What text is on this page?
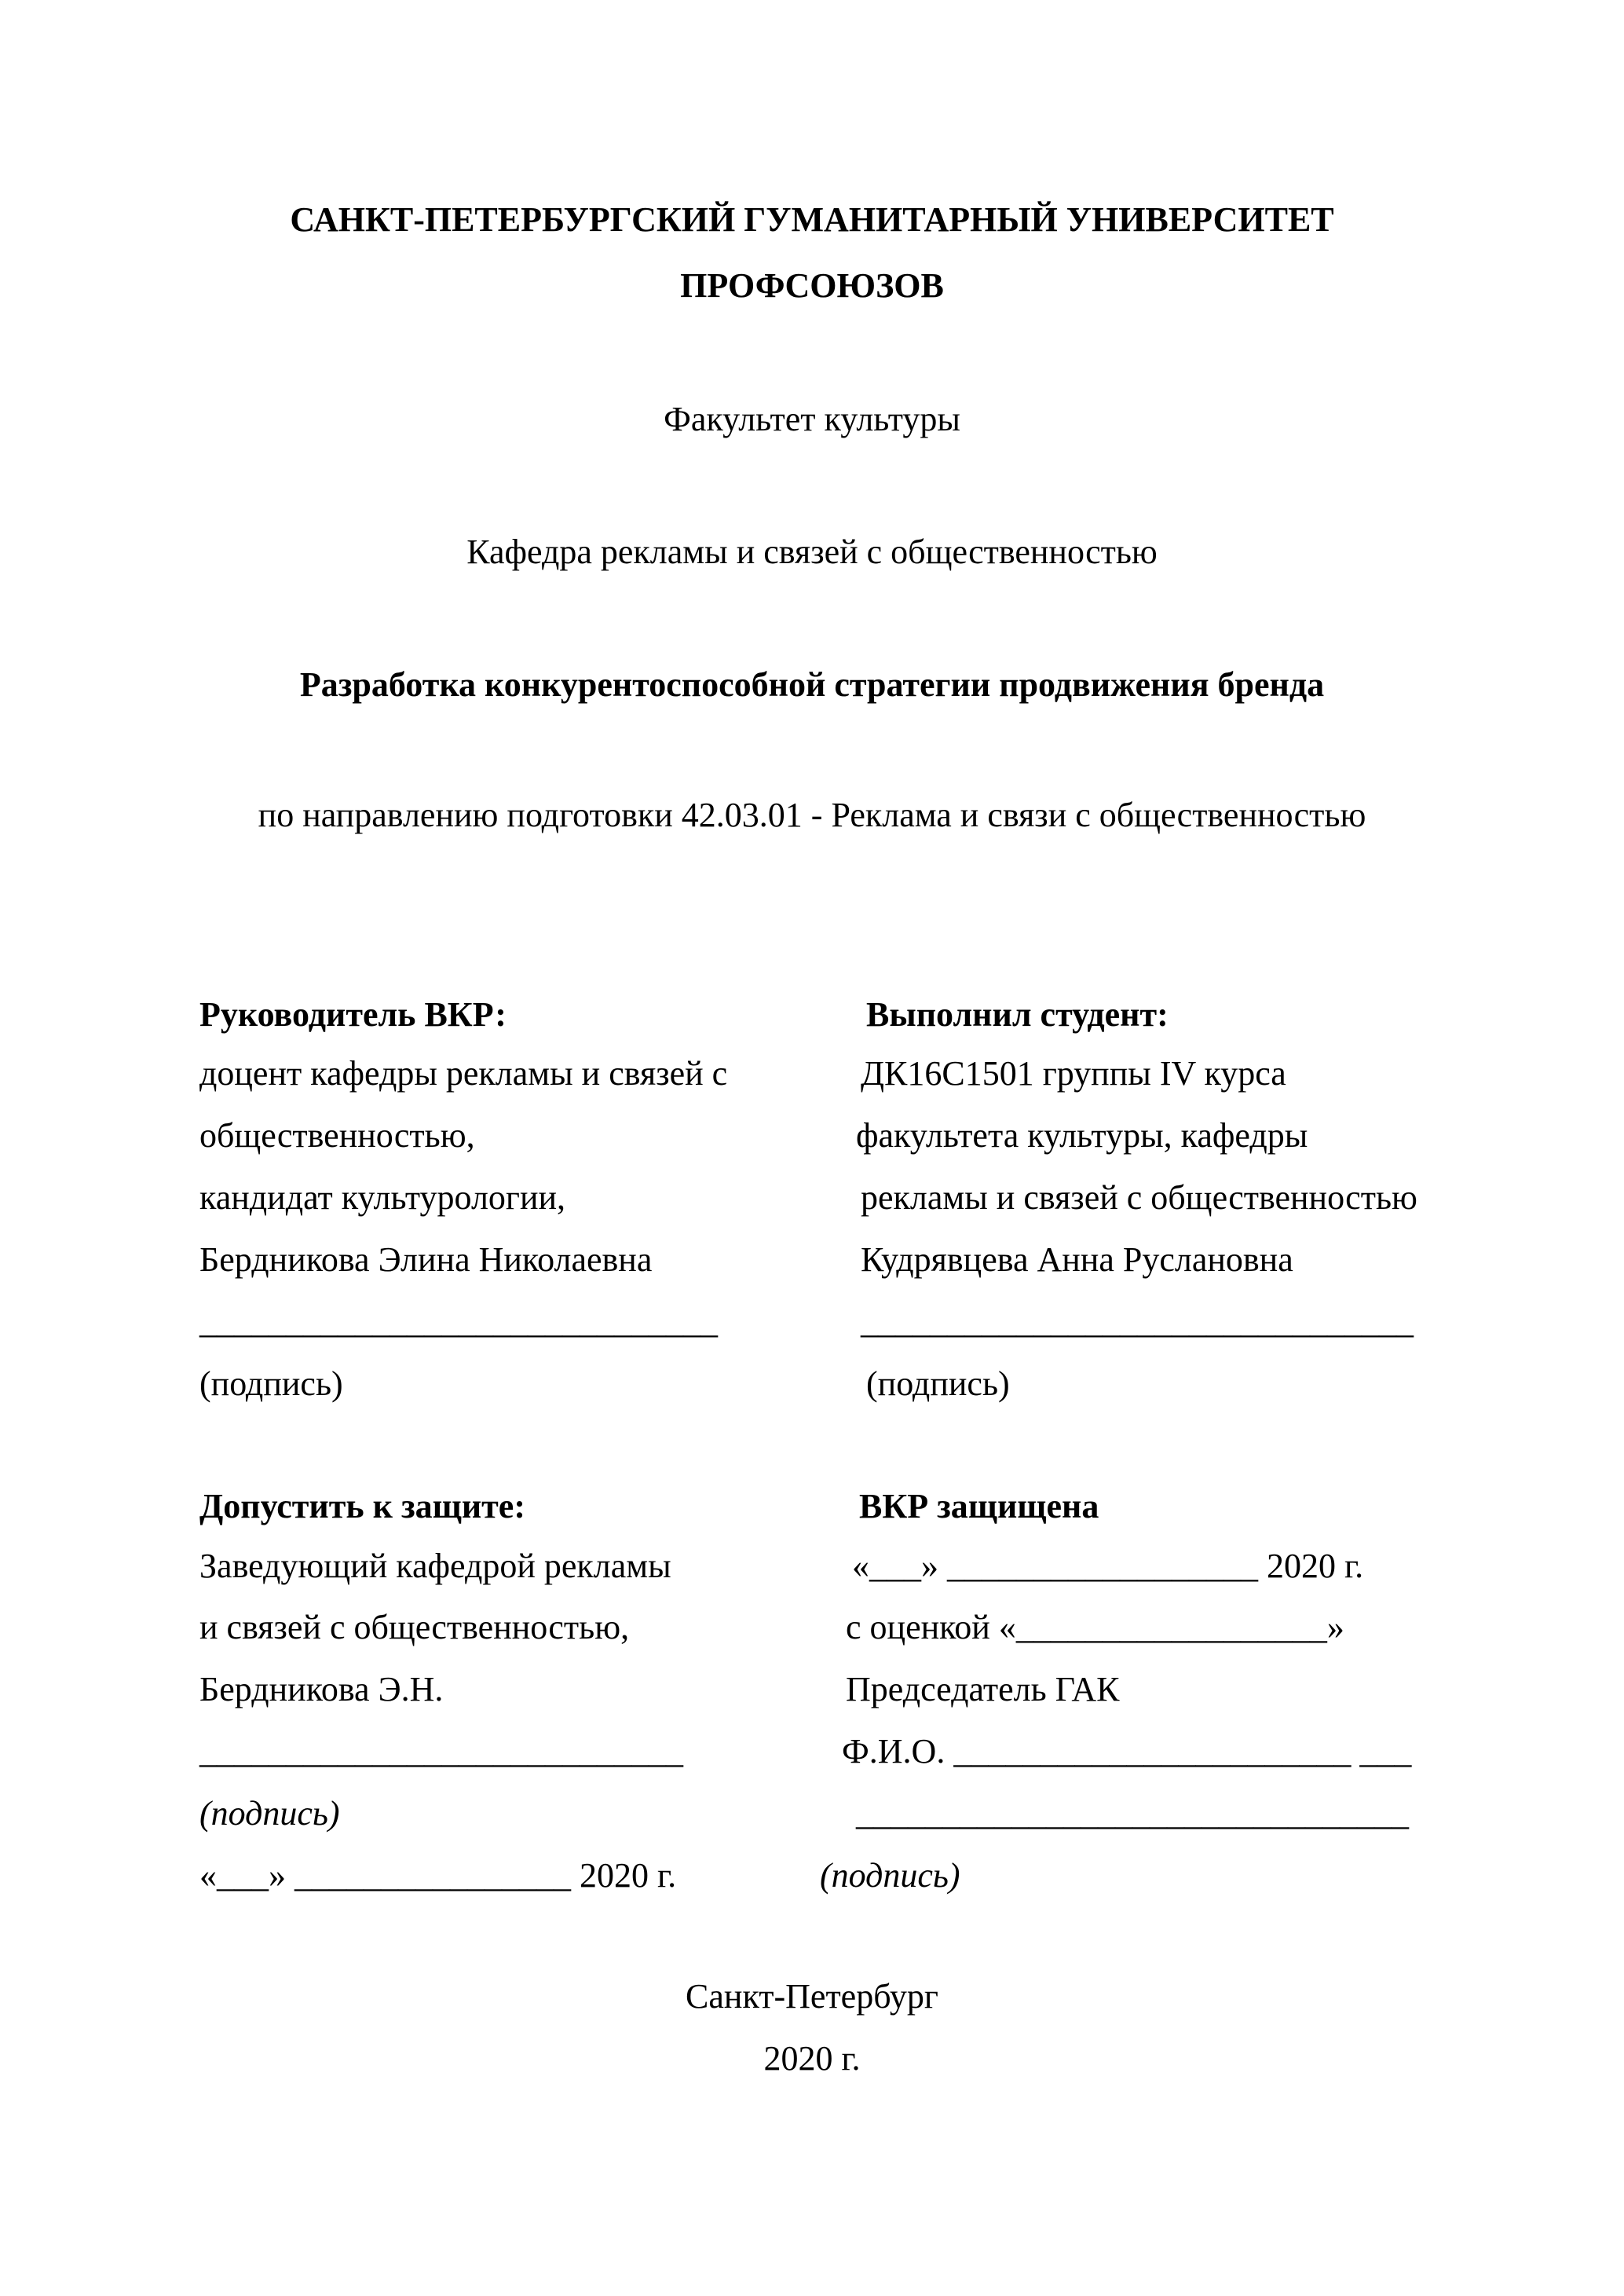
САНКТ-ПЕТЕРБУРГСКИЙ ГУМАНИТАРНЫЙ УНИВЕРСИТЕТ
ПРОФСОЮЗОВ
Факультет культуры
Кафедра рекламы и связей с общественностью
Разработка конкурентоспособной стратегии продвижения бренда
по направлению подготовки 42.03.01 - Реклама и связи с общественностью
Руководитель ВКР:
доцент кафедры рекламы и связей с
общественностью,
кандидат культурологии,
Бердникова Элина Николаевна
______________________________
(подпись)
Выполнил студент:
ДК16С1501 группы IV курса
факультета культуры, кафедры
рекламы и связей с общественностью
Кудрявцева Анна Руслановна
________________________________
(подпись)
Допустить к защите:
Заведующий кафедрой рекламы
и связей с общественностью,
Бердникова Э.Н.
____________________________
(подпись)
«___» ________________ 2020 г.
ВКР защищена
«___» __________________ 2020 г.
с оценкой «__________________»
Председатель ГАК
Ф.И.О. _______________________ ___
________________________________
(подпись)
Санкт-Петербург
2020 г.
